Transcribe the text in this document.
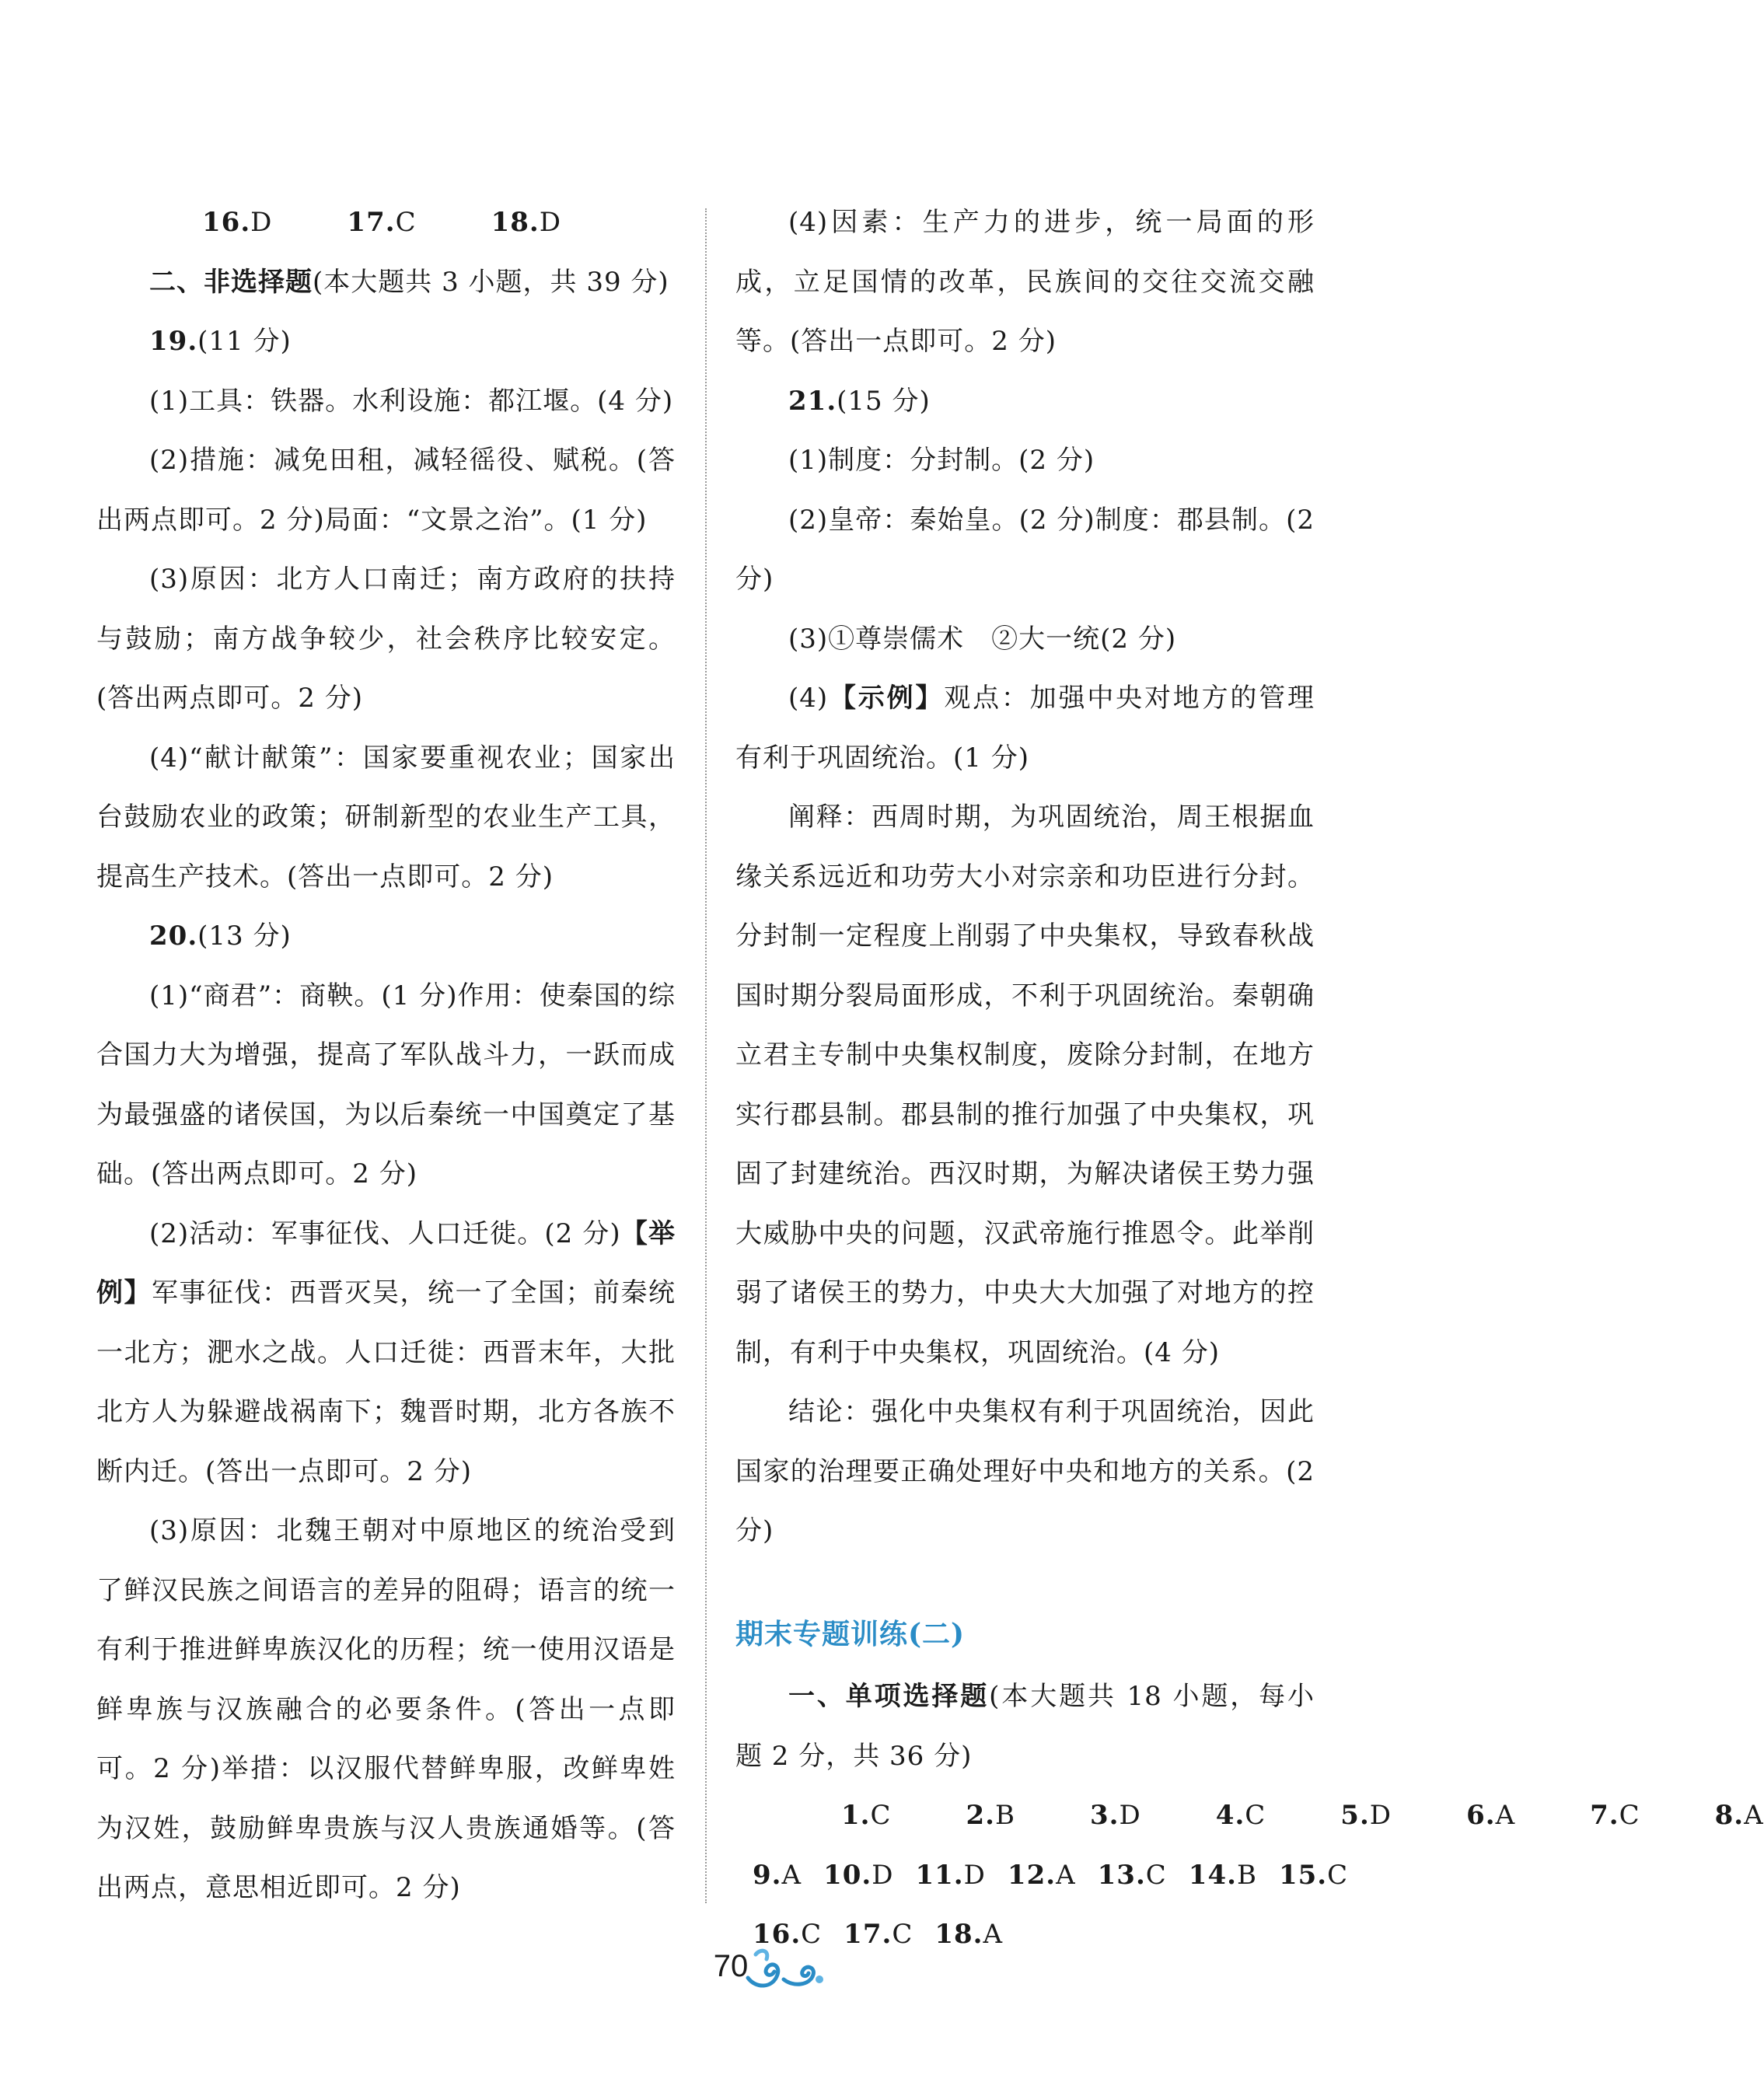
16.D	17.C	18.D

二、非选择题(本大题共 3 小题，共 39 分)

19.(11 分)

(1)工具：铁器。水利设施：都江堰。(4 分)

(2)措施：减免田租，减轻徭役、赋税。(答出两点即可。2 分)局面：“文景之治”。(1 分)

(3)原因：北方人口南迁；南方政府的扶持与鼓励；南方战争较少，社会秩序比较安定。(答出两点即可。2 分)

(4)“献计献策”：国家要重视农业；国家出台鼓励农业的政策；研制新型的农业生产工具，提高生产技术。(答出一点即可。2 分)

20.(13 分)

(1)“商君”：商鞅。(1 分)作用：使秦国的综合国力大为增强，提高了军队战斗力，一跃而成为最强盛的诸侯国，为以后秦统一中国奠定了基础。(答出两点即可。2 分)

(2)活动：军事征伐、人口迁徙。(2 分)【举例】军事征伐：西晋灭吴，统一了全国；前秦统一北方；淝水之战。人口迁徙：西晋末年，大批北方人为躲避战祸南下；魏晋时期，北方各族不断内迁。(答出一点即可。2 分)

(3)原因：北魏王朝对中原地区的统治受到了鲜汉民族之间语言的差异的阻碍；语言的统一有利于推进鲜卑族汉化的历程；统一使用汉语是鲜卑族与汉族融合的必要条件。(答出一点即可。2 分)举措：以汉服代替鲜卑服，改鲜卑姓为汉姓，鼓励鲜卑贵族与汉人贵族通婚等。(答出两点，意思相近即可。2 分)

(4)因素：生产力的进步，统一局面的形成，立足国情的改革，民族间的交往交流交融等。(答出一点即可。2 分)

21.(15 分)

(1)制度：分封制。(2 分)

(2)皇帝：秦始皇。(2 分)制度：郡县制。(2 分)

(3)①尊崇儒术　②大一统(2 分)

(4)【示例】观点：加强中央对地方的管理有利于巩固统治。(1 分)

阐释：西周时期，为巩固统治，周王根据血缘关系远近和功劳大小对宗亲和功臣进行分封。分封制一定程度上削弱了中央集权，导致春秋战国时期分裂局面形成，不利于巩固统治。秦朝确立君主专制中央集权制度，废除分封制，在地方实行郡县制。郡县制的推行加强了中央集权，巩固了封建统治。西汉时期，为解决诸侯王势力强大威胁中央的问题，汉武帝施行推恩令。此举削弱了诸侯王的势力，中央大大加强了对地方的控制，有利于中央集权，巩固统治。(4 分)

结论：强化中央集权有利于巩固统治，因此国家的治理要正确处理好中央和地方的关系。(2 分)

期末专题训练(二)

一、单项选择题(本大题共 18 小题，每小题 2 分，共 36 分)

1.C	2.B	3.D	4.C	5.D	6.A	7.C	8.A

9.A 10.D 11.D 12.A 13.C 14.B 15.C

16.C 17.C 18.A

70
